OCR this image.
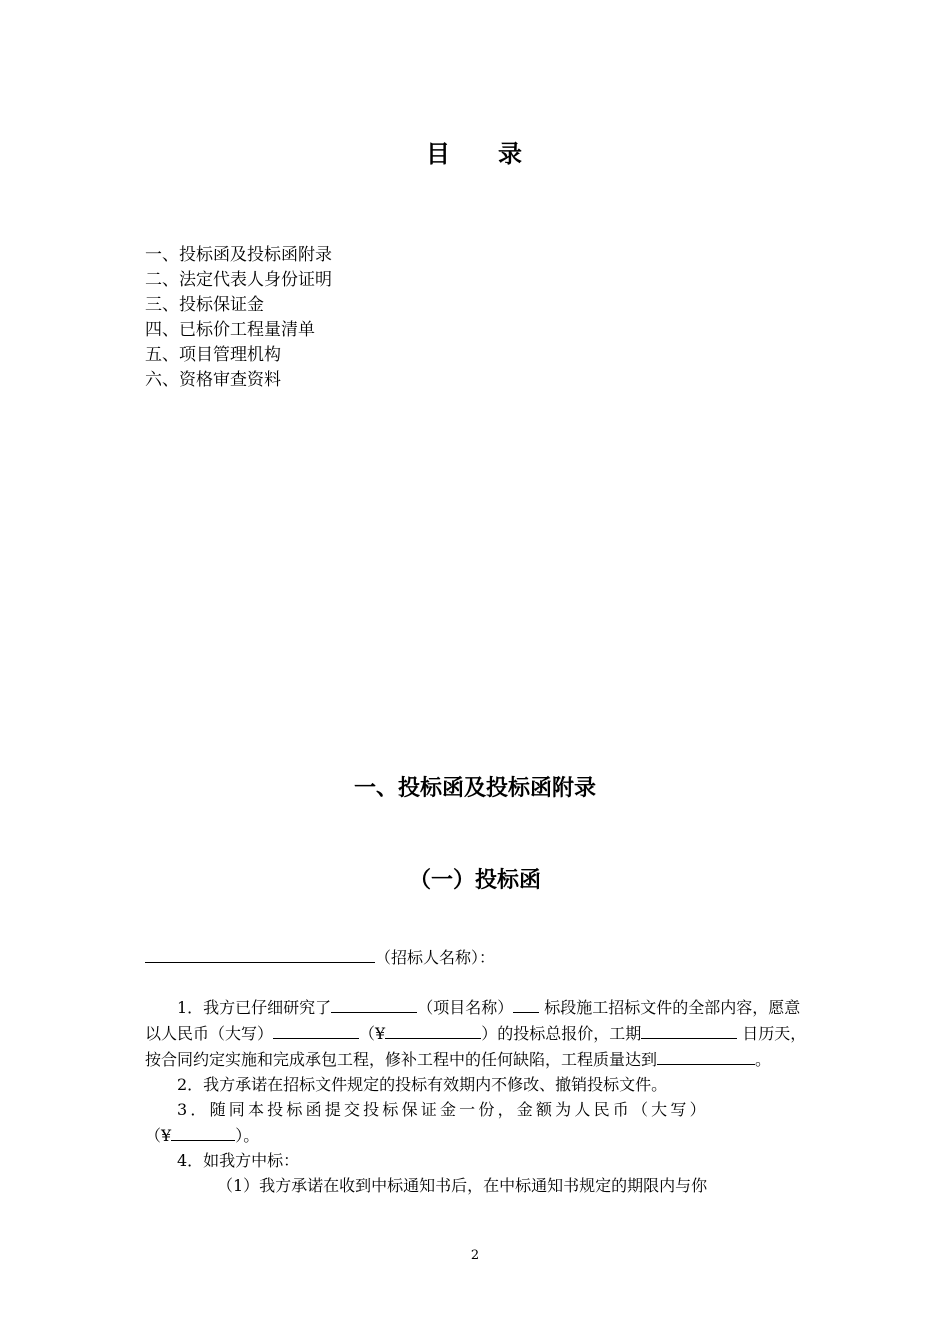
目 录
一、投标函及投标函附录
二、法定代表人身份证明
三、投标保证金
四、已标价工程量清单
五、项目管理机构
六、资格审查资料
一、投标函及投标函附录
（一）投标函
（招标人名称）：

1．我方已仔细研究了	（项目名称） 标段施工招标文件的全部内容，愿意以人民币（大写）	（¥	）的投标总报价，工期	日历天，按合同约定实施和完成承包工程，修补工程中的任何缺陷，工程质量达到	。

2．我方承诺在招标文件规定的投标有效期内不修改、撤销投标文件。

3．随同本投标函提交投标保证金一份，金额为人民币（大写）

（¥	）。

4．如我方中标：

（1）我方承诺在收到中标通知书后，在中标通知书规定的期限内与你

2
